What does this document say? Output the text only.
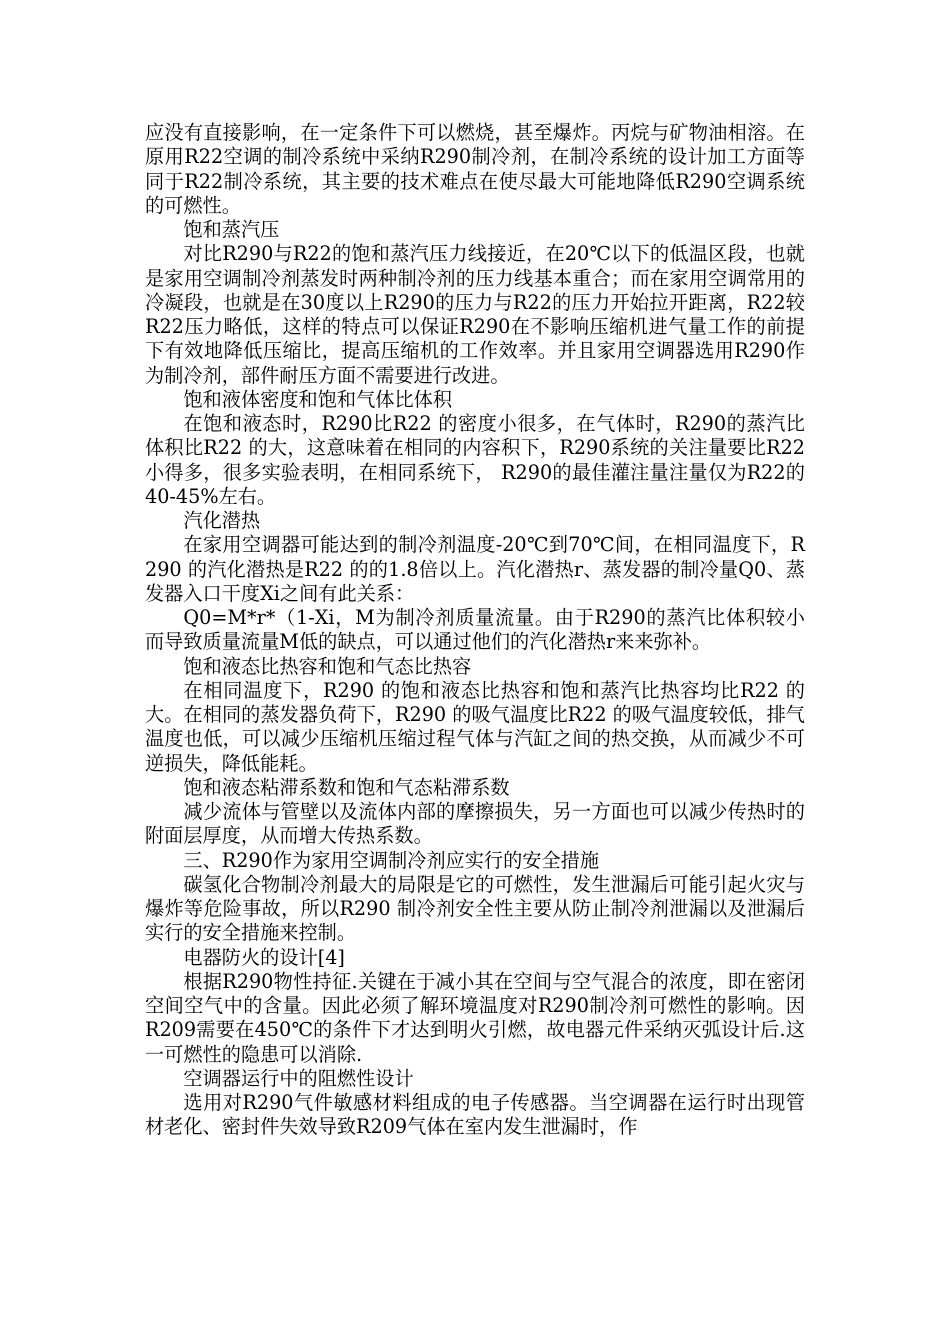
应没有直接影响，在一定条件下可以燃烧，甚至爆炸。丙烷与矿物油相溶。在原用R22空调的制冷系统中采纳R290制冷剂，在制冷系统的设计加工方面等同于R22制冷系统，其主要的技术难点在使尽最大可能地降低R290空调系统的可燃性。

饱和蒸汽压

对比R290与R22的饱和蒸汽压力线接近，在20℃以下的低温区段，也就是家用空调制冷剂蒸发时两种制冷剂的压力线基本重合；而在家用空调常用的冷凝段，也就是在30度以上R290的压力与R22的压力开始拉开距离，R22较R22压力略低，这样的特点可以保证R290在不影响压缩机进气量工作的前提下有效地降低压缩比，提高压缩机的工作效率。并且家用空调器选用R290作为制冷剂，部件耐压方面不需要进行改进。

饱和液体密度和饱和气体比体积

在饱和液态时，R290比R22 的密度小很多，在气体时，R290的蒸汽比体积比R22 的大，这意味着在相同的内容积下，R290系统的关注量要比R22小得多，很多实验表明，在相同系统下， R290的最佳灌注量注量仅为R22的40-45%左右。

汽化潜热

在家用空调器可能达到的制冷剂温度-20℃到70℃间，在相同温度下，R290 的汽化潜热是R22 的的1.8倍以上。汽化潜热r、蒸发器的制冷量Q0、蒸发器入口干度Xi之间有此关系：

Q0=M*r*（1-Xi，M为制冷剂质量流量。由于R290的蒸汽比体积较小而导致质量流量M低的缺点，可以通过他们的汽化潜热r来来弥补。

饱和液态比热容和饱和气态比热容

在相同温度下，R290 的饱和液态比热容和饱和蒸汽比热容均比R22 的大。在相同的蒸发器负荷下，R290 的吸气温度比R22 的吸气温度较低，排气温度也低，可以减少压缩机压缩过程气体与汽缸之间的热交换，从而减少不可逆损失，降低能耗。

饱和液态粘滞系数和饱和气态粘滞系数

减少流体与管壁以及流体内部的摩擦损失，另一方面也可以减少传热时的附面层厚度，从而增大传热系数。

三、R290作为家用空调制冷剂应实行的安全措施

碳氢化合物制冷剂最大的局限是它的可燃性，发生泄漏后可能引起火灾与爆炸等危险事故，所以R290 制冷剂安全性主要从防止制冷剂泄漏以及泄漏后实行的安全措施来控制。

电器防火的设计[4]

根据R290物性持征.关键在于减小其在空间与空气混合的浓度，即在密闭空间空气中的含量。因此必须了解环境温度对R290制冷剂可燃性的影响。因R209需要在450℃的条件下才达到明火引燃，故电器元件采纳灭弧设计后.这一可燃性的隐患可以消除.

空调器运行中的阻燃性设计

选用对R290气件敏感材料组成的电子传感器。当空调器在运行时出现管材老化、密封件失效导致R209气体在室内发生泄漏时，作
